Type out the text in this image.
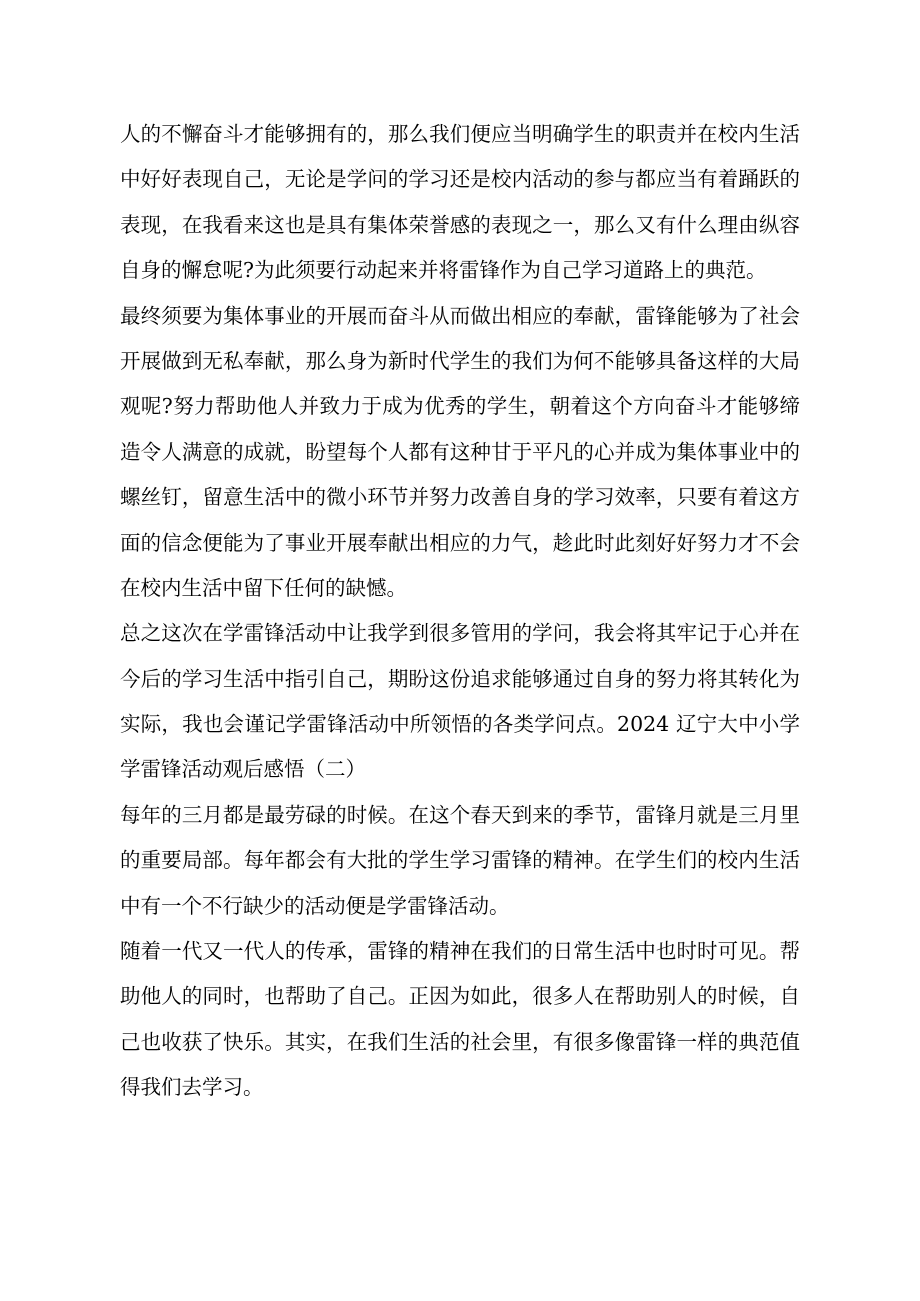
人的不懈奋斗才能够拥有的，那么我们便应当明确学生的职责并在校内生活
中好好表现自己，无论是学问的学习还是校内活动的参与都应当有着踊跃的
表现，在我看来这也是具有集体荣誉感的表现之一，那么又有什么理由纵容
自身的懈怠呢?为此须要行动起来并将雷锋作为自己学习道路上的典范。
最终须要为集体事业的开展而奋斗从而做出相应的奉献，雷锋能够为了社会
开展做到无私奉献，那么身为新时代学生的我们为何不能够具备这样的大局
观呢?努力帮助他人并致力于成为优秀的学生，朝着这个方向奋斗才能够缔
造令人满意的成就，盼望每个人都有这种甘于平凡的心并成为集体事业中的
螺丝钉，留意生活中的微小环节并努力改善自身的学习效率，只要有着这方
面的信念便能为了事业开展奉献出相应的力气，趁此时此刻好好努力才不会
在校内生活中留下任何的缺憾。
总之这次在学雷锋活动中让我学到很多管用的学问，我会将其牢记于心并在
今后的学习生活中指引自己，期盼这份追求能够通过自身的努力将其转化为
实际，我也会谨记学雷锋活动中所领悟的各类学问点。2024 辽宁大中小学
学雷锋活动观后感悟（二）
每年的三月都是最劳碌的时候。在这个春天到来的季节，雷锋月就是三月里
的重要局部。每年都会有大批的学生学习雷锋的精神。在学生们的校内生活
中有一个不行缺少的活动便是学雷锋活动。
随着一代又一代人的传承，雷锋的精神在我们的日常生活中也时时可见。帮
助他人的同时，也帮助了自己。正因为如此，很多人在帮助别人的时候，自
己也收获了快乐。其实，在我们生活的社会里，有很多像雷锋一样的典范值
得我们去学习。
